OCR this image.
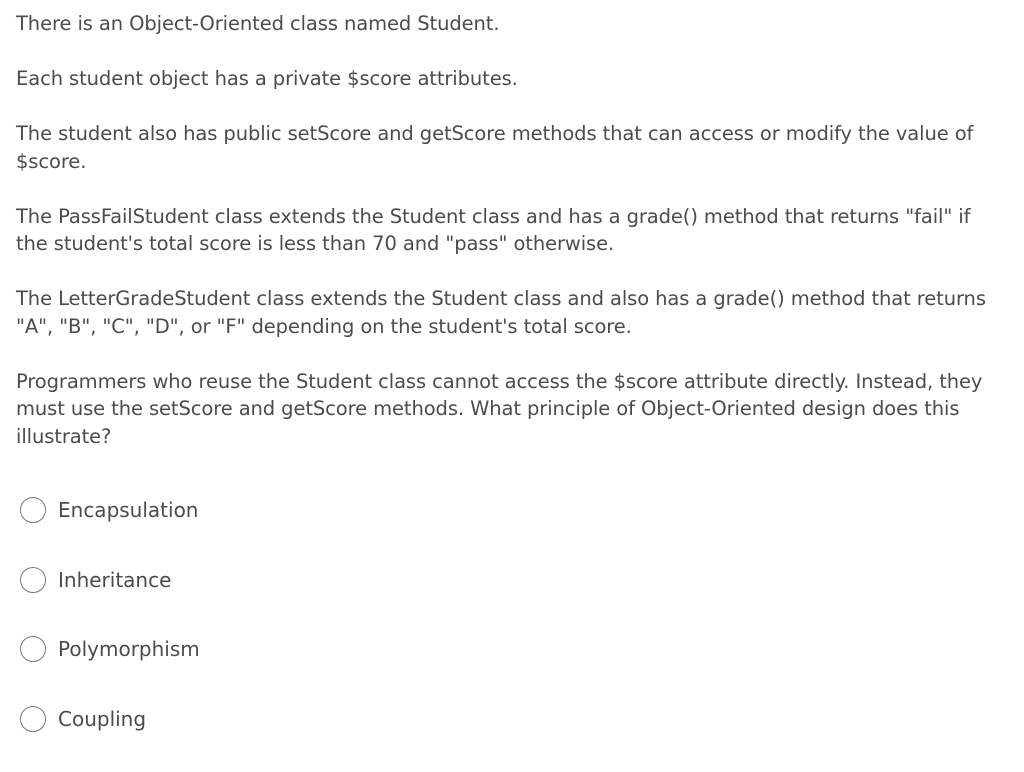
There is an Object-Oriented class named Student.

Each student object has a private $score attributes.

The student also has public setScore and getScore methods that can access or modify the value of $score.

The PassFailStudent class extends the Student class and has a grade() method that returns "fail" if the student's total score is less than 70 and "pass" otherwise.

The LetterGradeStudent class extends the Student class and also has a grade() method that returns "A", "B", "C", "D", or "F" depending on the student's total score.

Programmers who reuse the Student class cannot access the $score attribute directly. Instead, they must use the setScore and getScore methods. What principle of Object-Oriented design does this illustrate?

Encapsulation
Inheritance
Polymorphism
Coupling
